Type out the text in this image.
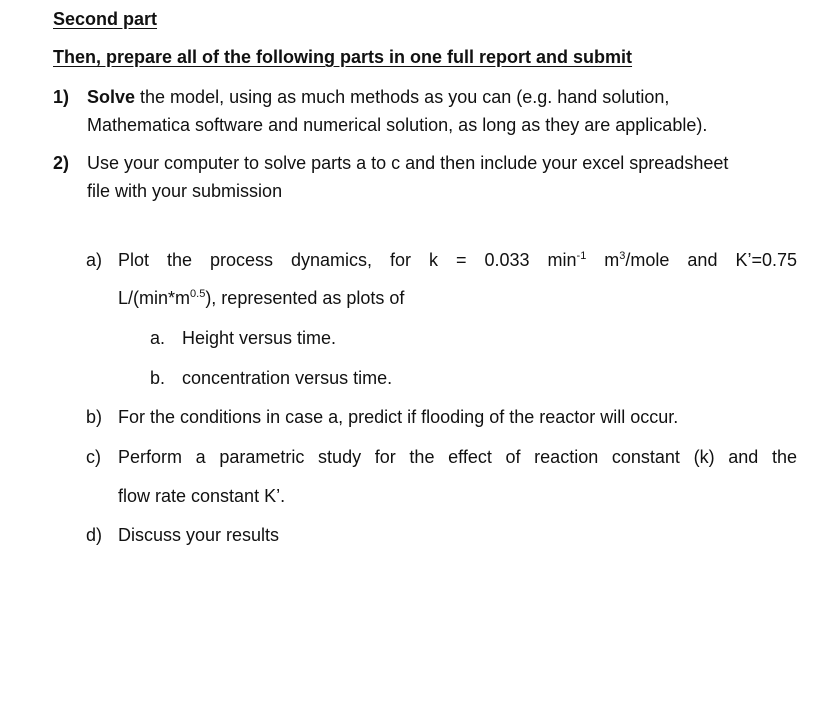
Second part
Then, prepare all of the following parts in one full report and submit
1) Solve the model, using as much methods as you can (e.g. hand solution,
Mathematica software and numerical solution, as long as they are applicable).
2) Use your computer to solve parts a to c and then include your excel spreadsheet
file with your submission
a) Plot the process dynamics, for k = 0.033 $\min^{-1}$ $m^3$/mole and K’=0.75
$L/(\min*m^{0.5})$, represented as plots of
a. Height versus time.
b. concentration versus time.
b) For the conditions in case a, predict if flooding of the reactor will occur.
c) Perform a parametric study for the effect of reaction constant (k) and the
flow rate constant K’.
d) Discuss your results
